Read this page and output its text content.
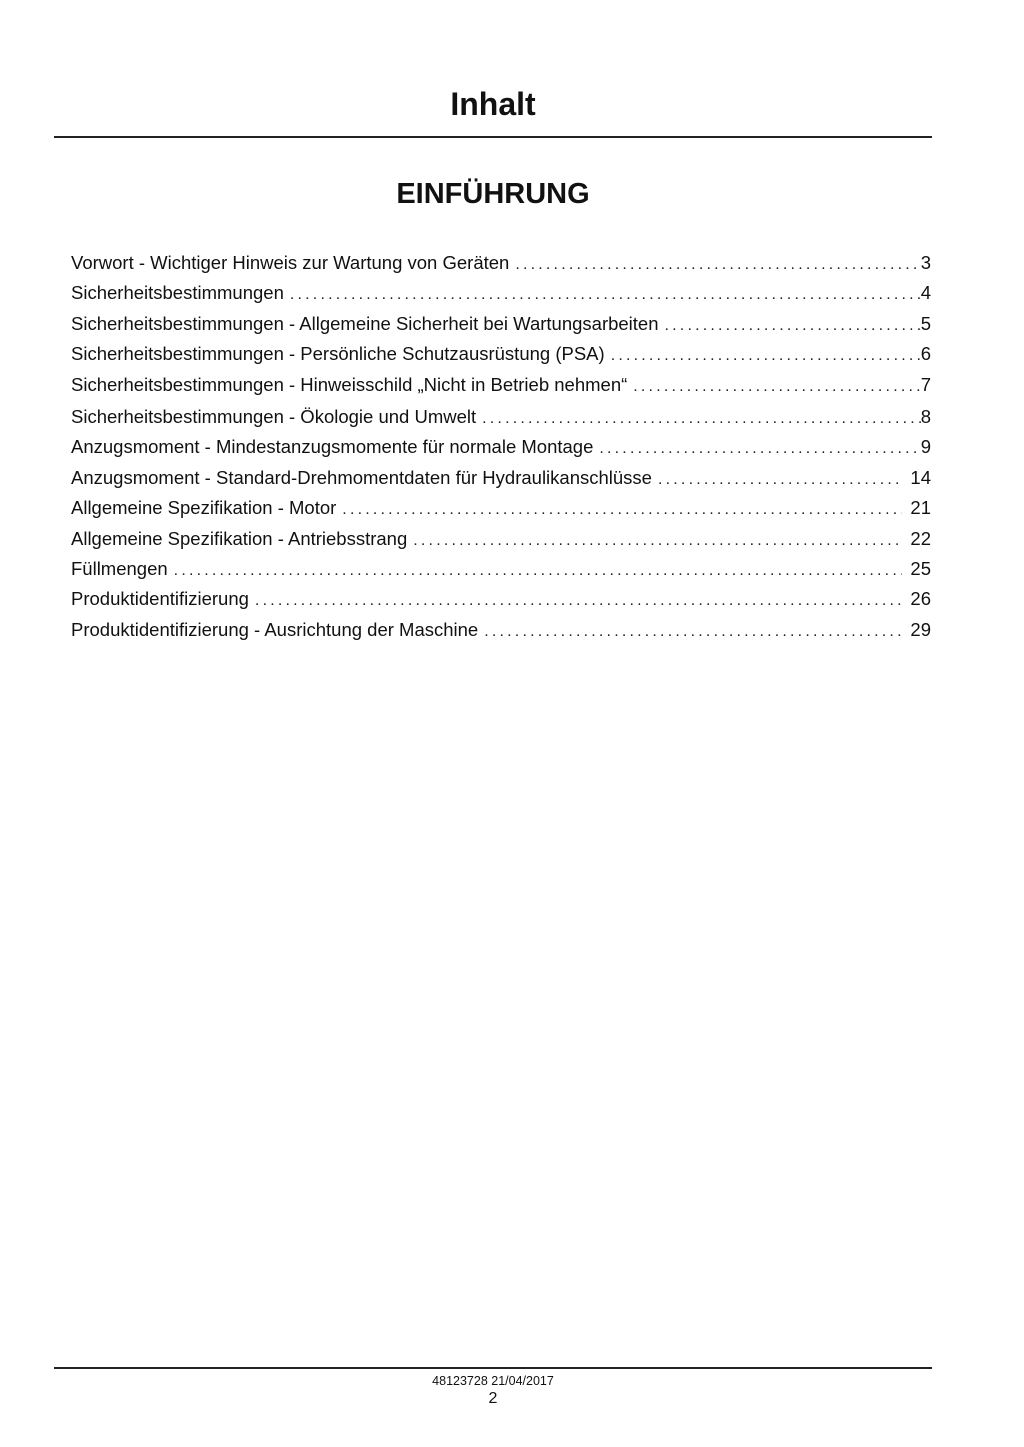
Inhalt
EINFÜHRUNG
Vorwort - Wichtiger Hinweis zur Wartung von Geräten .....	3
Sicherheitsbestimmungen .....	4
Sicherheitsbestimmungen - Allgemeine Sicherheit bei Wartungsarbeiten .....	5
Sicherheitsbestimmungen - Persönliche Schutzausrüstung (PSA) .....	6
Sicherheitsbestimmungen - Hinweisschild „Nicht in Betrieb nehmen“ .....	7
Sicherheitsbestimmungen - Ökologie und Umwelt .....	8
Anzugsmoment - Mindestanzugsmomente für normale Montage .....	9
Anzugsmoment - Standard-Drehmomentdaten für Hydraulikanschlüsse .....	14
Allgemeine Spezifikation - Motor .....	21
Allgemeine Spezifikation - Antriebsstrang .....	22
Füllmengen .....	25
Produktidentifizierung .....	26
Produktidentifizierung - Ausrichtung der Maschine .....	29
48123728 21/04/2017
2
